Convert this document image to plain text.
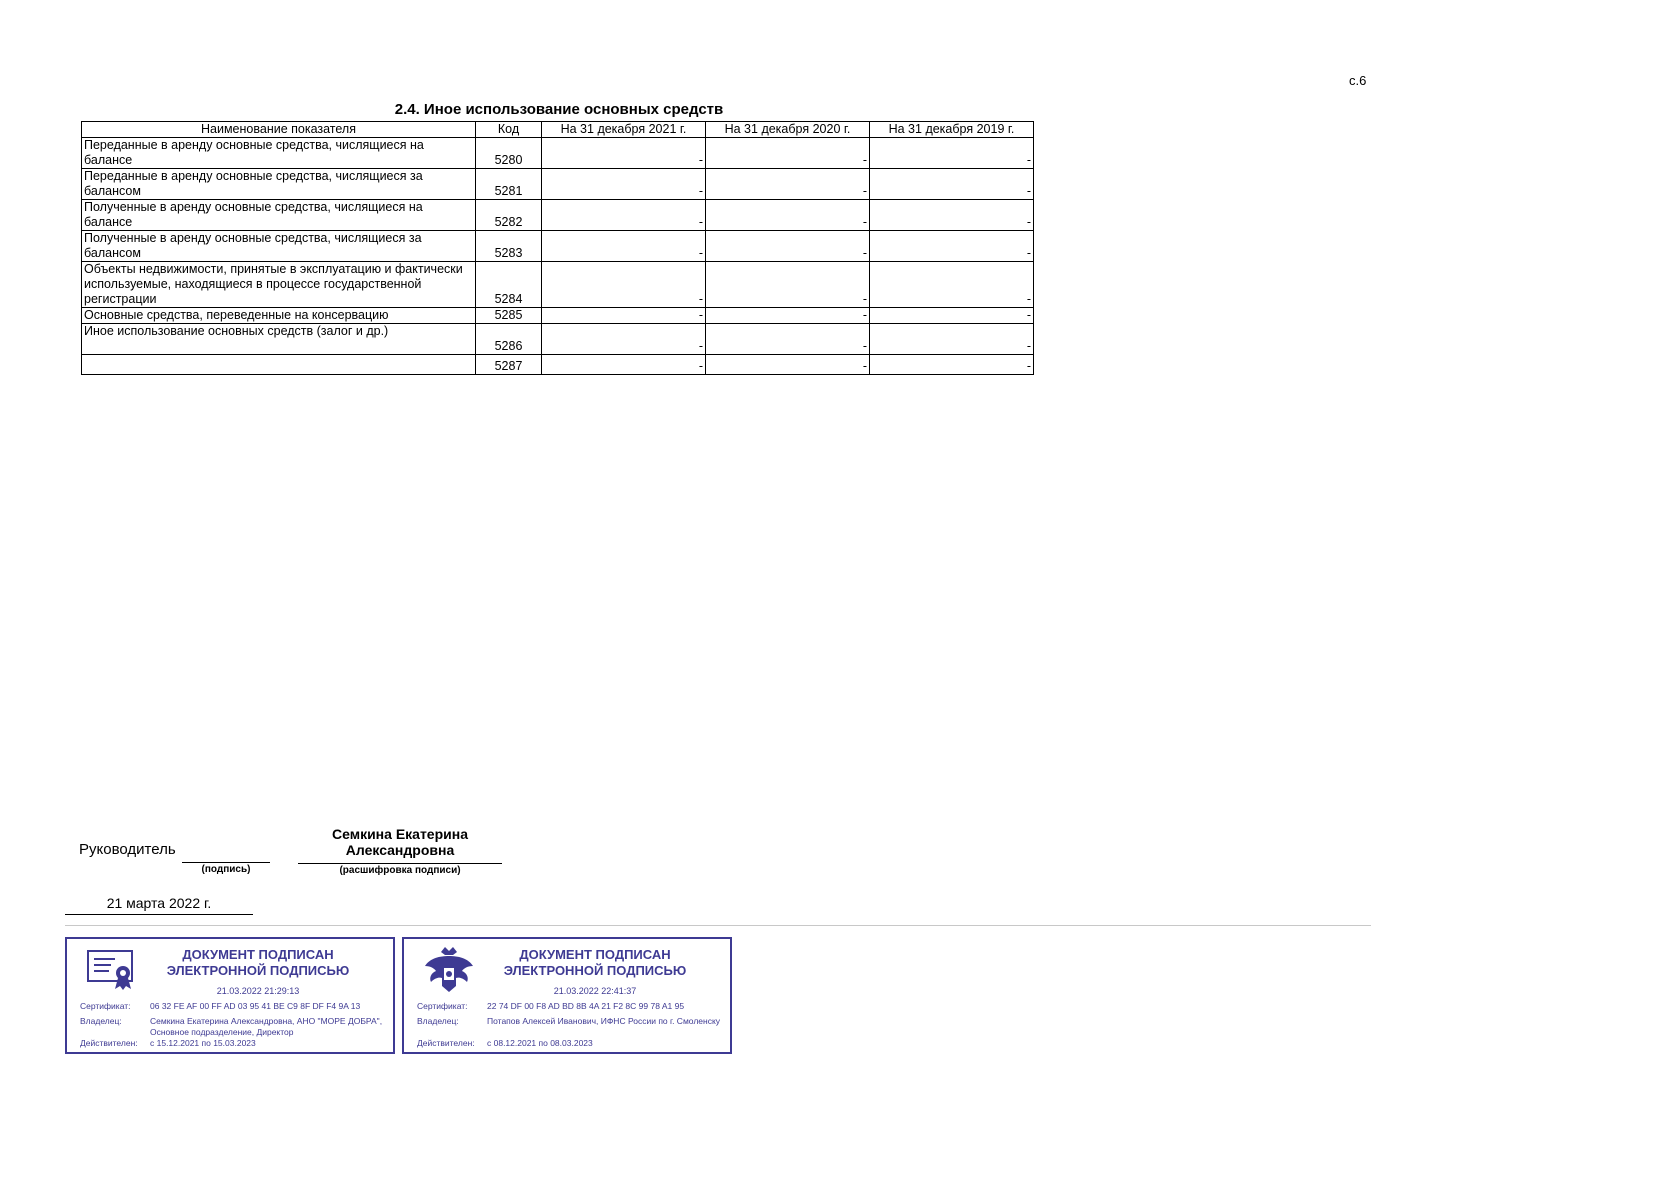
с.6
2.4. Иное использование основных средств
Наименование показателя	Код	На 31 декабря 2021 г.	На 31 декабря 2020 г.	На 31 декабря 2019 г.
Переданные в аренду основные средства, числящиеся на балансе	5280	-	-	-
Переданные в аренду основные средства, числящиеся за балансом	5281	-	-	-
Полученные в аренду основные средства, числящиеся на балансе	5282	-	-	-
Полученные в аренду основные средства, числящиеся за балансом	5283	-	-	-
Объекты недвижимости, принятые в эксплуатацию и фактически используемые, находящиеся в процессе государственной регистрации	5284	-	-	-
Основные средства, переведенные на консервацию	5285	-	-	-
Иное использование основных средств (залог и др.)	5286	-	-	-
	5287	-	-	-
Руководитель
(подпись)
Семкина Екатерина
Александровна
(расшифровка подписи)
21 марта 2022 г.
ДОКУМЕНТ ПОДПИСАН
ЭЛЕКТРОННОЙ ПОДПИСЬЮ
21.03.2022 21:29:13
Сертификат:	06 32 FE AF 00 FF AD 03 95 41 BE C9 8F DF F4 9A 13
Владелец:	Семкина Екатерина Александровна, АНО "МОРЕ ДОБРА", Основное подразделение, Директор
Действителен:	с 15.12.2021 по 15.03.2023
ДОКУМЕНТ ПОДПИСАН
ЭЛЕКТРОННОЙ ПОДПИСЬЮ
21.03.2022 22:41:37
Сертификат:	22 74 DF 00 F8 AD BD 8B 4A 21 F2 8C 99 78 A1 95
Владелец:	Потапов Алексей Иванович, ИФНС России по г. Смоленску
Действителен:	с 08.12.2021 по 08.03.2023
